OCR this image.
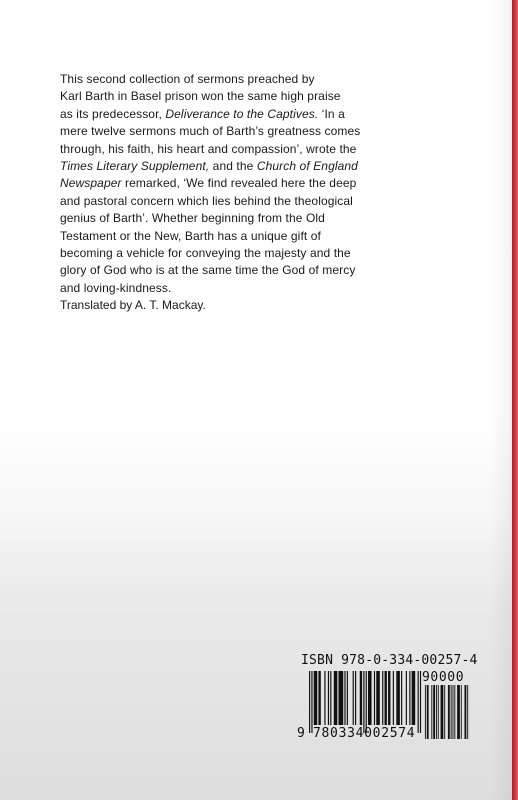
This second collection of sermons preached by
Karl Barth in Basel prison won the same high praise
as its predecessor, Deliverance to the Captives. ‘In a
mere twelve sermons much of Barth’s greatness comes
through, his faith, his heart and compassion’, wrote the
Times Literary Supplement, and the Church of England
Newspaper remarked, ‘We find revealed here the deep
and pastoral concern which lies behind the theological
genius of Barth’. Whether beginning from the Old
Testament or the New, Barth has a unique gift of
becoming a vehicle for conveying the majesty and the
glory of God who is at the same time the God of mercy
and loving-kindness.

Translated by A. T. Mackay.

ISBN 978-0-334-00257-4
90000
9 780334002574
